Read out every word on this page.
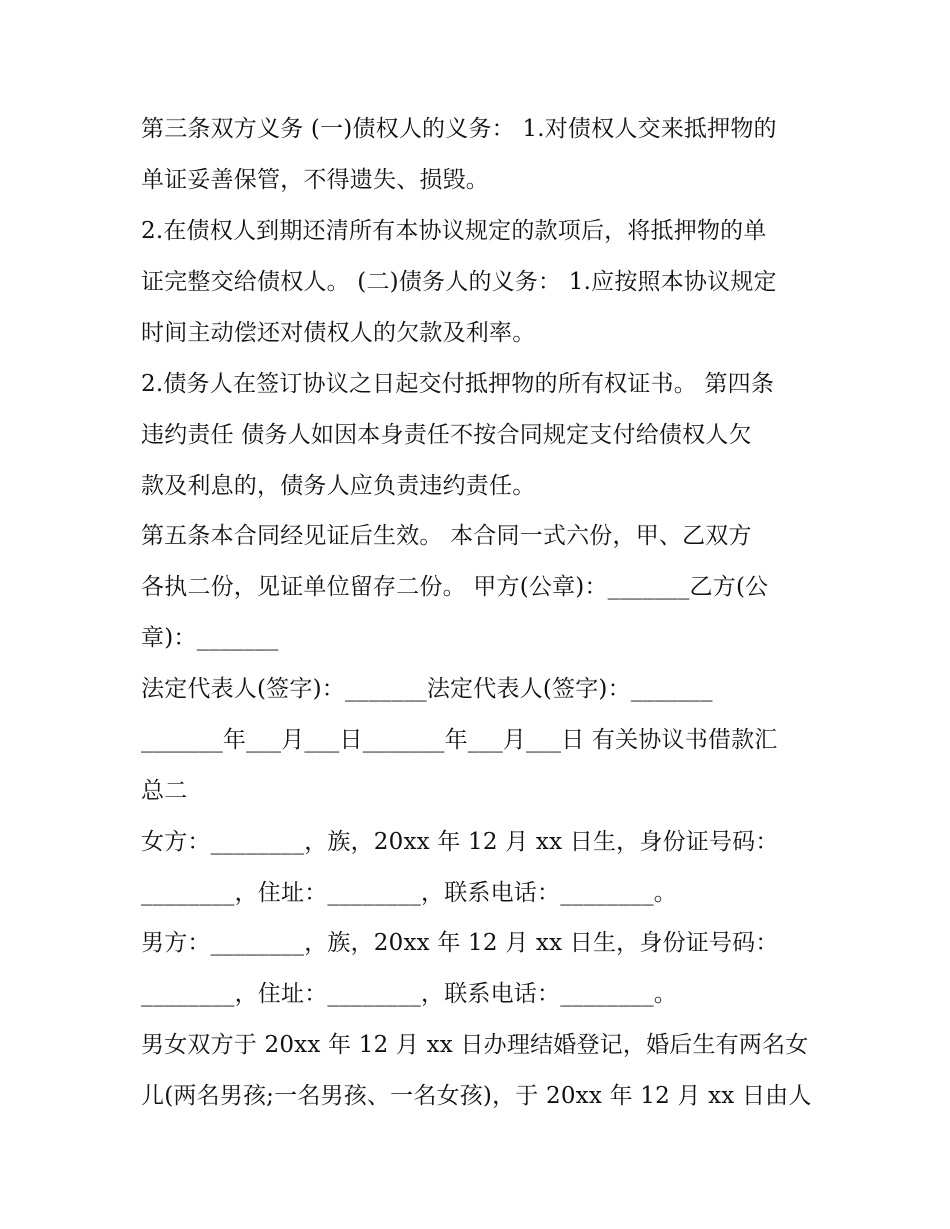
第三条双方义务 (一)债权人的义务： 1.对债权人交来抵押物的
单证妥善保管，不得遗失、损毁。
2.在债权人到期还清所有本协议规定的款项后，将抵押物的单
证完整交给债权人。 (二)债务人的义务： 1.应按照本协议规定
时间主动偿还对债权人的欠款及利率。
2.债务人在签订协议之日起交付抵押物的所有权证书。 第四条
违约责任 债务人如因本身责任不按合同规定支付给债权人欠
款及利息的，债务人应负责违约责任。
第五条本合同经见证后生效。 本合同一式六份，甲、乙双方
各执二份，见证单位留存二份。 甲方(公章)：_______乙方(公
章)：_______
法定代表人(签字)：_______法定代表人(签字)：_______
_______年___月___日_______年___月___日 有关协议书借款汇
总二
女方：________，族，20xx 年 12 月 xx 日生，身份证号码：
________，住址：________，联系电话：________。
男方：________，族，20xx 年 12 月 xx 日生，身份证号码：
________，住址：________，联系电话：________。
男女双方于 20xx 年 12 月 xx 日办理结婚登记，婚后生有两名女
儿(两名男孩;一名男孩、一名女孩)，于 20xx 年 12 月 xx 日由人
